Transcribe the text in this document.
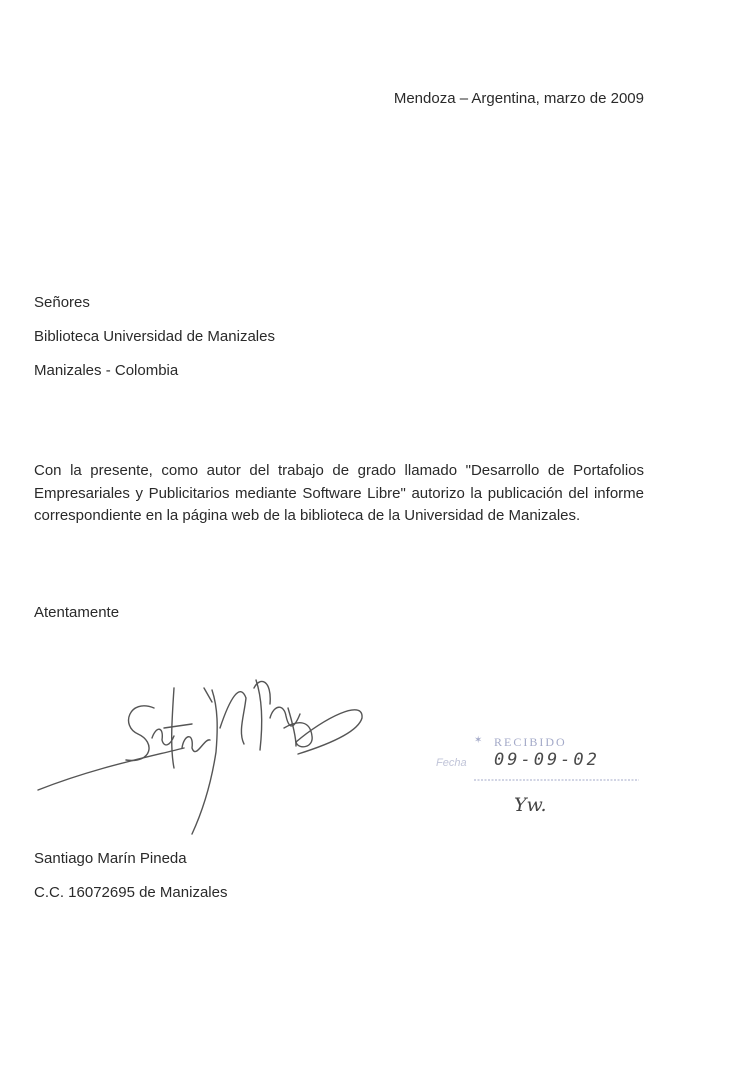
Mendoza – Argentina, marzo de 2009
Señores
Biblioteca Universidad de Manizales
Manizales - Colombia
Con la presente, como autor del trabajo de grado llamado "Desarrollo de Portafolios Empresariales y Publicitarios mediante Software Libre" autorizo la publicación del informe correspondiente en la página web de la biblioteca de la Universidad de Manizales.
Atentamente
✶ RECIBIDO
Fecha 09-09-02
Yw.
Santiago Marín Pineda
C.C. 16072695 de Manizales
